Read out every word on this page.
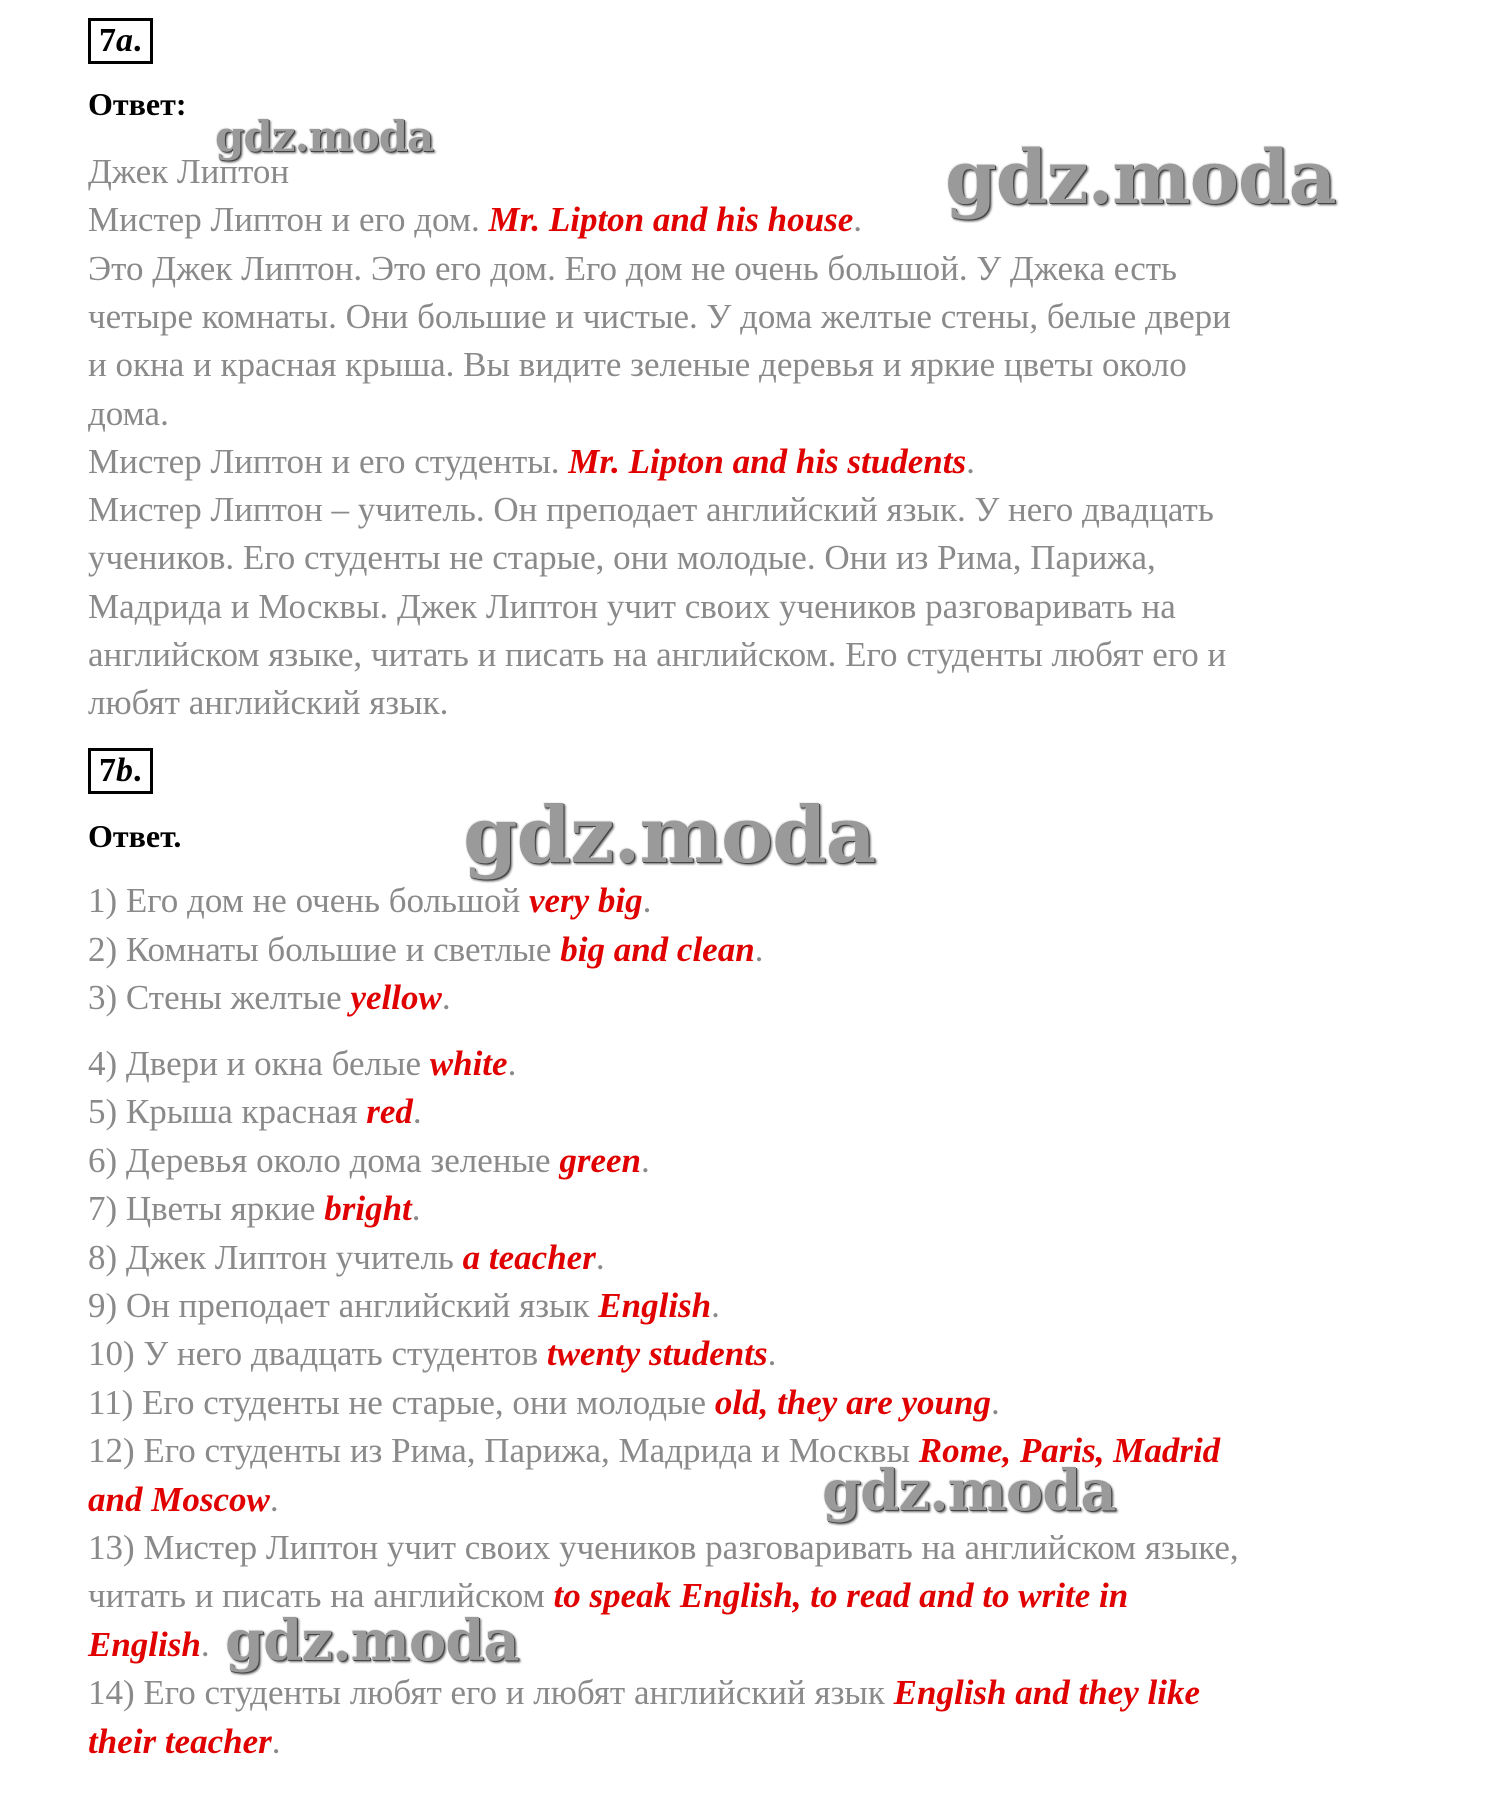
7a.
Ответ:
Джек Липтон
Мистер Липтон и его дом. Mr. Lipton and his house.
Это Джек Липтон. Это его дом. Его дом не очень большой. У Джека есть
четыре комнаты. Они большие и чистые. У дома желтые стены, белые двери
и окна и красная крыша. Вы видите зеленые деревья и яркие цветы около
дома.
Мистер Липтон и его студенты. Mr. Lipton and his students.
Мистер Липтон – учитель. Он преподает английский язык. У него двадцать
учеников. Его студенты не старые, они молодые. Они из Рима, Парижа,
Мадрида и Москвы. Джек Липтон учит своих учеников разговаривать на
английском языке, читать и писать на английском. Его студенты любят его и
любят английский язык.
7b.
Ответ.
1) Его дом не очень большой very big.
2) Комнаты большие и светлые big and clean.
3) Стены желтые yellow.
4) Двери и окна белые white.
5) Крыша красная red.
6) Деревья около дома зеленые green.
7) Цветы яркие bright.
8) Джек Липтон учитель a teacher.
9) Он преподает английский язык English.
10) У него двадцать студентов twenty students.
11) Его студенты не старые, они молодые old, they are young.
12) Его студенты из Рима, Парижа, Мадрида и Москвы Rome, Paris, Madrid
and Moscow.
13) Мистер Липтон учит своих учеников разговаривать на английском языке,
читать и писать на английском to speak English, to read and to write in
English.
14) Его студенты любят его и любят английский язык English and they like
their teacher.
gdz.moda	gdz.moda
gdz.moda
gdz.moda
gdz.moda
